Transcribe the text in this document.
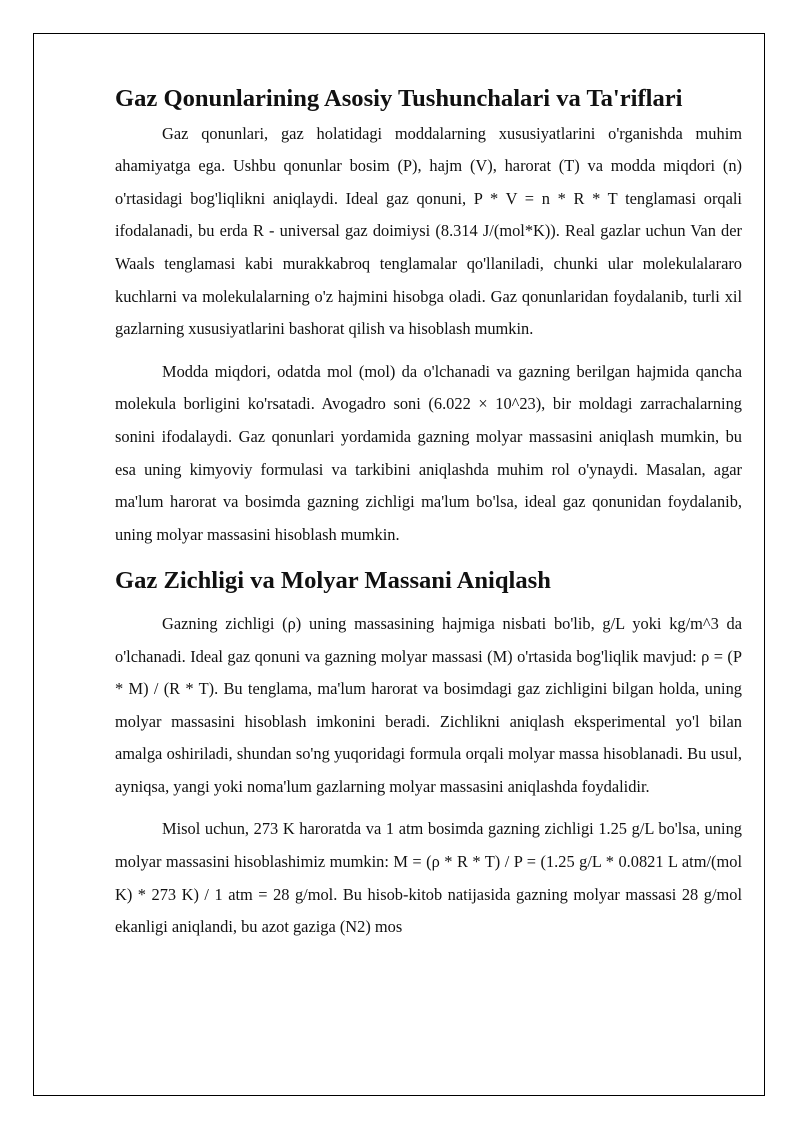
Gaz Qonunlarining Asosiy Tushunchalari va Ta'riflari

Gaz qonunlari, gaz holatidagi moddalarning xususiyatlarini o'rganishda muhim ahamiyatga ega. Ushbu qonunlar bosim (P), hajm (V), harorat (T) va modda miqdori (n) o'rtasidagi bog'liqlikni aniqlaydi. Ideal gaz qonuni, P * V = n * R * T tenglamasi orqali ifodalanadi, bu erda R - universal gaz doimiysi (8.314 J/(mol*K)). Real gazlar uchun Van der Waals tenglamasi kabi murakkabroq tenglamalar qo'llaniladi, chunki ular molekulalararo kuchlarni va molekulalarning o'z hajmini hisobga oladi. Gaz qonunlaridan foydalanib, turli xil gazlarning xususiyatlarini bashorat qilish va hisoblash mumkin.

Modda miqdori, odatda mol (mol) da o'lchanadi va gazning berilgan hajmida qancha molekula borligini ko'rsatadi. Avogadro soni (6.022 × 10^23), bir moldagi zarrachalarning sonini ifodalaydi. Gaz qonunlari yordamida gazning molyar massasini aniqlash mumkin, bu esa uning kimyoviy formulasi va tarkibini aniqlashda muhim rol o'ynaydi. Masalan, agar ma'lum harorat va bosimda gazning zichligi ma'lum bo'lsa, ideal gaz qonunidan foydalanib, uning molyar massasini hisoblash mumkin.

Gaz Zichligi va Molyar Massani Aniqlash

Gazning zichligi (ρ) uning massasining hajmiga nisbati bo'lib, g/L yoki kg/m^3 da o'lchanadi. Ideal gaz qonuni va gazning molyar massasi (M) o'rtasida bog'liqlik mavjud: ρ = (P * M) / (R * T). Bu tenglama, ma'lum harorat va bosimdagi gaz zichligini bilgan holda, uning molyar massasini hisoblash imkonini beradi. Zichlikni aniqlash eksperimental yo'l bilan amalga oshiriladi, shundan so'ng yuqoridagi formula orqali molyar massa hisoblanadi. Bu usul, ayniqsa, yangi yoki noma'lum gazlarning molyar massasini aniqlashda foydalidir.

Misol uchun, 273 K haroratda va 1 atm bosimda gazning zichligi 1.25 g/L bo'lsa, uning molyar massasini hisoblashimiz mumkin: M = (ρ * R * T) / P = (1.25 g/L * 0.0821 L atm/(mol K) * 273 K) / 1 atm = 28 g/mol. Bu hisob-kitob natijasida gazning molyar massasi 28 g/mol ekanligi aniqlandi, bu azot gaziga (N2) mos
